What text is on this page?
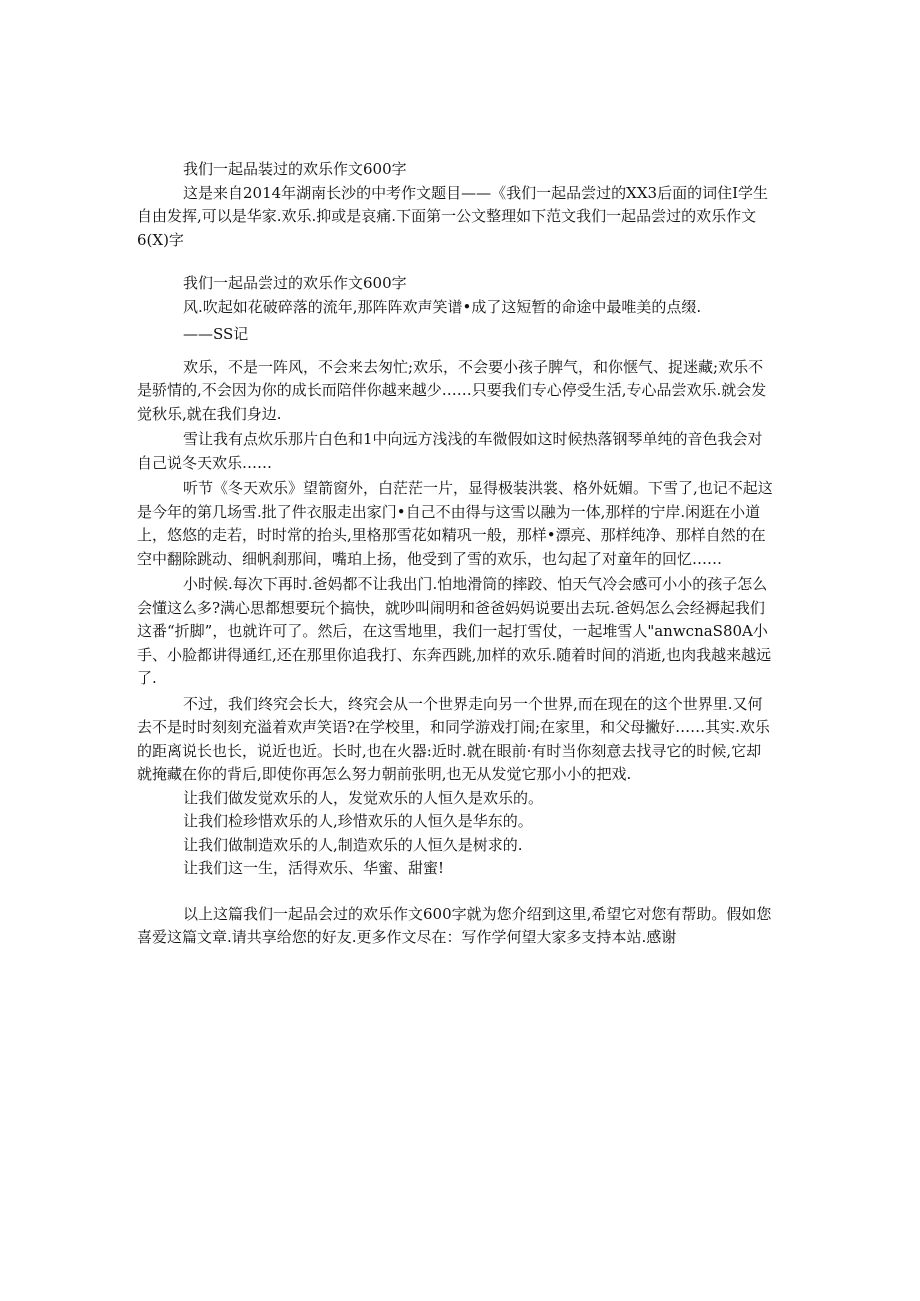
我们一起品装过的欢乐作文600字
这是来自2014年湖南长沙的中考作文题目——《我们一起品尝过的XX3后面的词住I学生
自由发挥,可以是华家.欢乐.抑或是哀痛.下面第一公文整理如下范文我们一起品尝过的欢乐作文
6(X)字
我们一起品尝过的欢乐作文600字
风.吹起如花破碎落的流年,那阵阵欢声笑谱•成了这短暂的命途中最唯美的点缀.
——SS记
欢乐，不是一阵风，不会来去匆忙;欢乐，不会要小孩子脾气，和你惬气、捉迷藏;欢乐不
是骄情的,不会因为你的成长而陪伴你越来越少……只要我们专心停受生活,专心品尝欢乐.就会发
觉秋乐,就在我们身边.
雪让我有点炊乐那片白色和1中向远方浅浅的车微假如这时候热落钢琴单纯的音色我会对
自己说冬天欢乐……
听节《冬天欢乐》望箭窗外，白茫茫一片，显得极装洪裳、格外妩媚。下雪了,也记不起这
是今年的第几场雪.批了件衣服走出家门•自己不由得与这雪以融为一体,那样的宁岸.闲逛在小道
上，悠悠的走若，时时常的抬头,里格那雪花如精巩一般，那样•漂亮、那样纯净、那样自然的在
空中翻除跳动、细帆刹那间，嘴珀上扬，他受到了雪的欢乐，也勾起了对童年的回忆……
小时候.每次下再时.爸妈都不让我出门.怕地滑筒的摔跤、怕天气冷会感可小小的孩子怎么
会懂这么多?满心思都想要玩个搞快，就吵叫闹明和爸爸妈妈说要出去玩.爸妈怎么会经褥起我们
这番“折脚”，也就许可了。然后，在这雪地里，我们一起打雪仗，一起堆雪人"anwcnaS80A小
手、小脸都讲得通红,还在那里你追我打、东奔西跳,加样的欢乐.随着时间的消逝,也肉我越来越远
了.
不过，我们终究会长大，终究会从一个世界走向另一个世界,而在现在的这个世界里.又何
去不是时时刻刻充溢着欢声笑语?在学校里，和同学游戏打闹;在家里，和父母撇好……其实.欢乐
的距离说长也长，说近也近。长时,也在火器:近时.就在眼前·有时当你刻意去找寻它的时候,它却
就掩藏在你的背后,即使你再怎么努力朝前张明,也无从发觉它那小小的把戏.
让我们做发觉欢乐的人，发觉欢乐的人恒久是欢乐的。
让我们检珍惜欢乐的人,珍惜欢乐的人恒久是华东的。
让我们做制造欢乐的人,制造欢乐的人恒久是树求的.
让我们这一生，活得欢乐、华蜜、甜蜜!
以上这篇我们一起品会过的欢乐作文600字就为您介绍到这里,希望它对您有帮助。假如您
喜爱这篇文章.请共享给您的好友.更多作文尽在：写作学何望大家多支持本站.感谢
